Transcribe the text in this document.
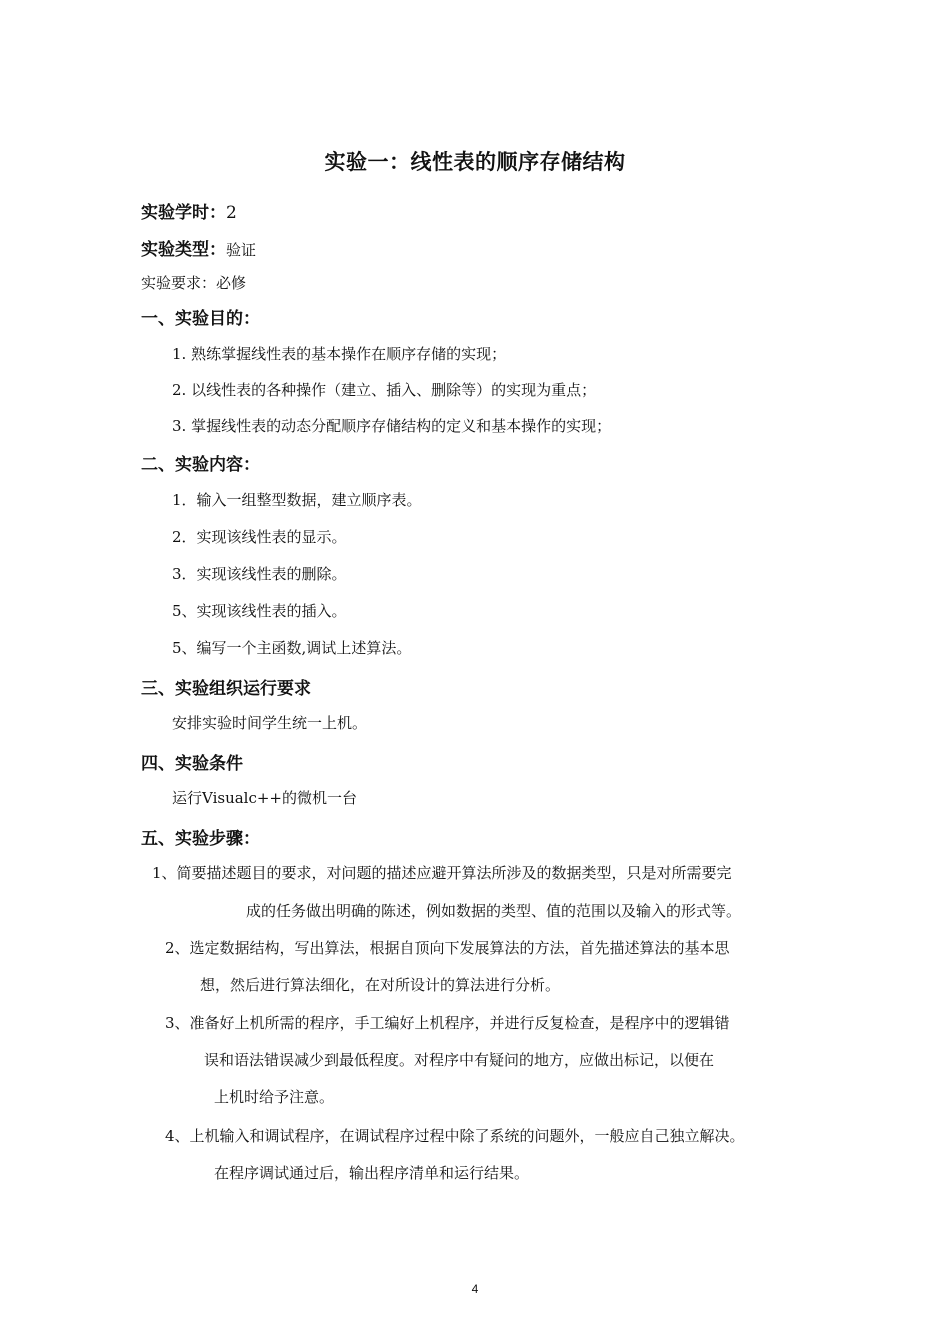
实验一：线性表的顺序存储结构
实验学时：2
实验类型：验证
实验要求：必修
一、实验目的：
1. 熟练掌握线性表的基本操作在顺序存储的实现；
2. 以线性表的各种操作（建立、插入、删除等）的实现为重点；
3. 掌握线性表的动态分配顺序存储结构的定义和基本操作的实现；
二、实验内容：
1．输入一组整型数据，建立顺序表。
2．实现该线性表的显示。
3．实现该线性表的删除。
5、实现该线性表的插入。
5、编写一个主函数,调试上述算法。
三、实验组织运行要求
安排实验时间学生统一上机。
四、实验条件
运行Visualc++的微机一台
五、实验步骤：
1、简要描述题目的要求，对问题的描述应避开算法所涉及的数据类型，只是对所需要完
成的任务做出明确的陈述，例如数据的类型、值的范围以及输入的形式等。
2、选定数据结构，写出算法，根据自顶向下发展算法的方法，首先描述算法的基本思
想，然后进行算法细化，在对所设计的算法进行分析。
3、准备好上机所需的程序，手工编好上机程序，并进行反复检查，是程序中的逻辑错
误和语法错误减少到最低程度。对程序中有疑问的地方，应做出标记，以便在
上机时给予注意。
4、上机输入和调试程序，在调试程序过程中除了系统的问题外，一般应自己独立解决。
在程序调试通过后，输出程序清单和运行结果。
4
